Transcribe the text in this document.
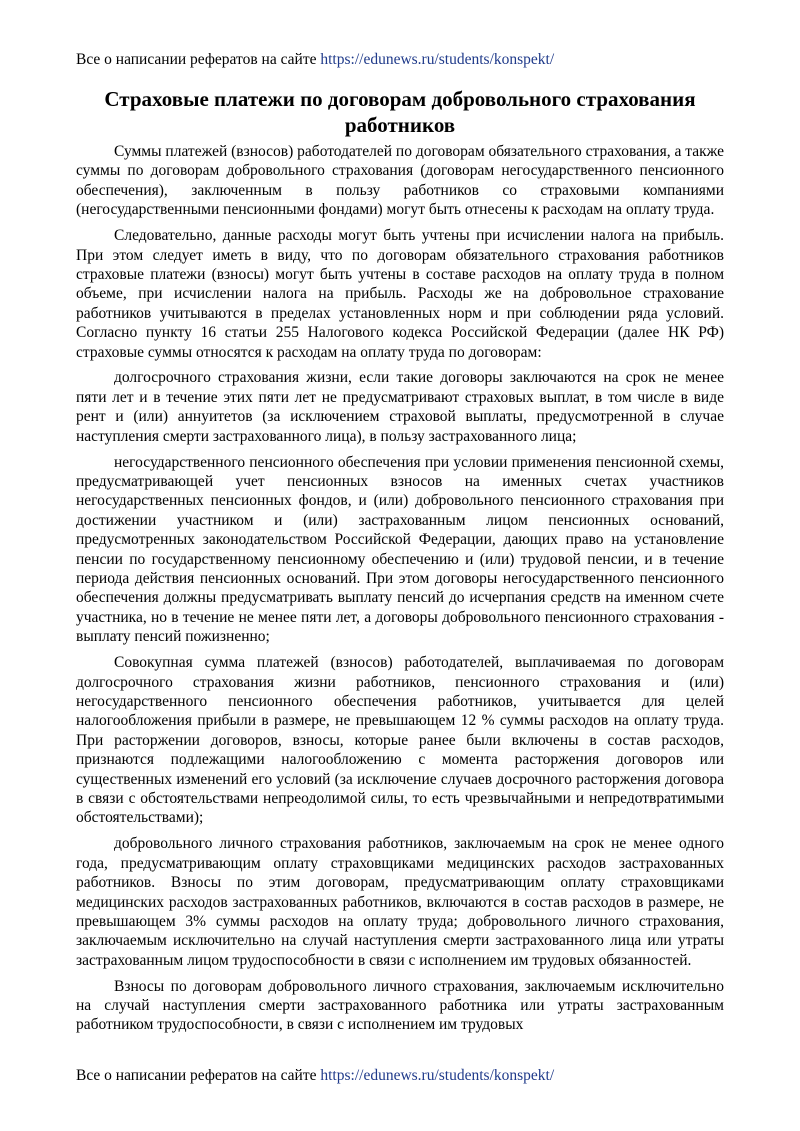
Все о написании рефератов на сайте https://edunews.ru/students/konspekt/
Страховые платежи по договорам добровольного страхования работников

Суммы платежей (взносов) работодателей по договорам обязательного страхования, а также суммы по договорам добровольного страхования (договорам негосударственного пенсионного обеспечения), заключенным в пользу работников со страховыми компаниями (негосударственными пенсионными фондами) могут быть отнесены к расходам на оплату труда.

Следовательно, данные расходы могут быть учтены при исчислении налога на прибыль. При этом следует иметь в виду, что по договорам обязательного страхования работников страховые платежи (взносы) могут быть учтены в составе расходов на оплату труда в полном объеме, при исчислении налога на прибыль. Расходы же на добровольное страхование работников учитываются в пределах установленных норм и при соблюдении ряда условий. Согласно пункту 16 статьи 255 Налогового кодекса Российской Федерации (далее НК РФ) страховые суммы относятся к расходам на оплату труда по договорам:

долгосрочного страхования жизни, если такие договоры заключаются на срок не менее пяти лет и в течение этих пяти лет не предусматривают страховых выплат, в том числе в виде рент и (или) аннуитетов (за исключением страховой выплаты, предусмотренной в случае наступления смерти застрахованного лица), в пользу застрахованного лица;

негосударственного пенсионного обеспечения при условии применения пенсионной схемы, предусматривающей учет пенсионных взносов на именных счетах участников негосударственных пенсионных фондов, и (или) добровольного пенсионного страхования при достижении участником и (или) застрахованным лицом пенсионных оснований, предусмотренных законодательством Российской Федерации, дающих право на установление пенсии по государственному пенсионному обеспечению и (или) трудовой пенсии, и в течение периода действия пенсионных оснований. При этом договоры негосударственного пенсионного обеспечения должны предусматривать выплату пенсий до исчерпания средств на именном счете участника, но в течение не менее пяти лет, а договоры добровольного пенсионного страхования - выплату пенсий пожизненно;

Совокупная сумма платежей (взносов) работодателей, выплачиваемая по договорам долгосрочного страхования жизни работников, пенсионного страхования и (или) негосударственного пенсионного обеспечения работников, учитывается для целей налогообложения прибыли в размере, не превышающем 12 % суммы расходов на оплату труда. При расторжении договоров, взносы, которые ранее были включены в состав расходов, признаются подлежащими налогообложению с момента расторжения договоров или существенных изменений его условий (за исключение случаев досрочного расторжения договора в связи с обстоятельствами непреодолимой силы, то есть чрезвычайными и непредотвратимыми обстоятельствами);

добровольного личного страхования работников, заключаемым на срок не менее одного года, предусматривающим оплату страховщиками медицинских расходов застрахованных работников. Взносы по этим договорам, предусматривающим оплату страховщиками медицинских расходов застрахованных работников, включаются в состав расходов в размере, не превышающем 3% суммы расходов на оплату труда; добровольного личного страхования, заключаемым исключительно на случай наступления смерти застрахованного лица или утраты застрахованным лицом трудоспособности в связи с исполнением им трудовых обязанностей.

Взносы по договорам добровольного личного страхования, заключаемым исключительно на случай наступления смерти застрахованного работника или утраты застрахованным работником трудоспособности, в связи с исполнением им трудовых

Все о написании рефератов на сайте https://edunews.ru/students/konspekt/
